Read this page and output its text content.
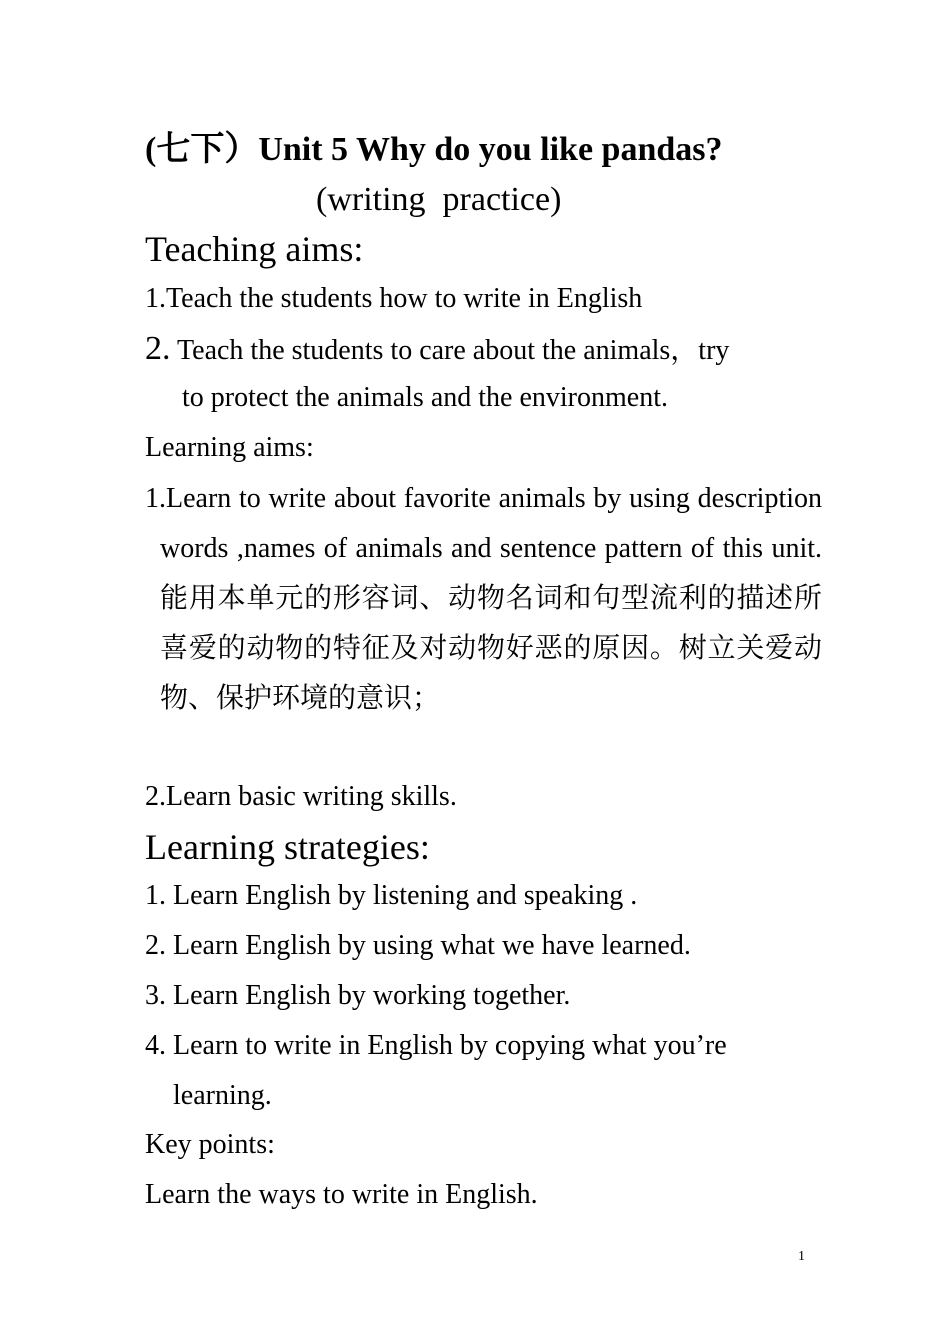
(七下）Unit 5 Why do you like pandas?
(writing  practice)
Teaching aims:
1.Teach the students how to write in English
2. Teach the students to care about the animals，try
to protect the animals and the environment.
Learning aims:
1.Learn to write about favorite animals by using description words ,names of animals and sentence pattern of this unit.能用本单元的形容词、动物名词和句型流利的描述所喜爱的动物的特征及对动物好恶的原因。树立关爱动物、保护环境的意识；
2.Learn basic writing skills.
Learning strategies:
1. Learn English by listening and speaking .
2. Learn English by using what we have learned.
3. Learn English by working together.
4. Learn to write in English by copying what you’re learning.
Key points:
Learn the ways to write in English.
1
